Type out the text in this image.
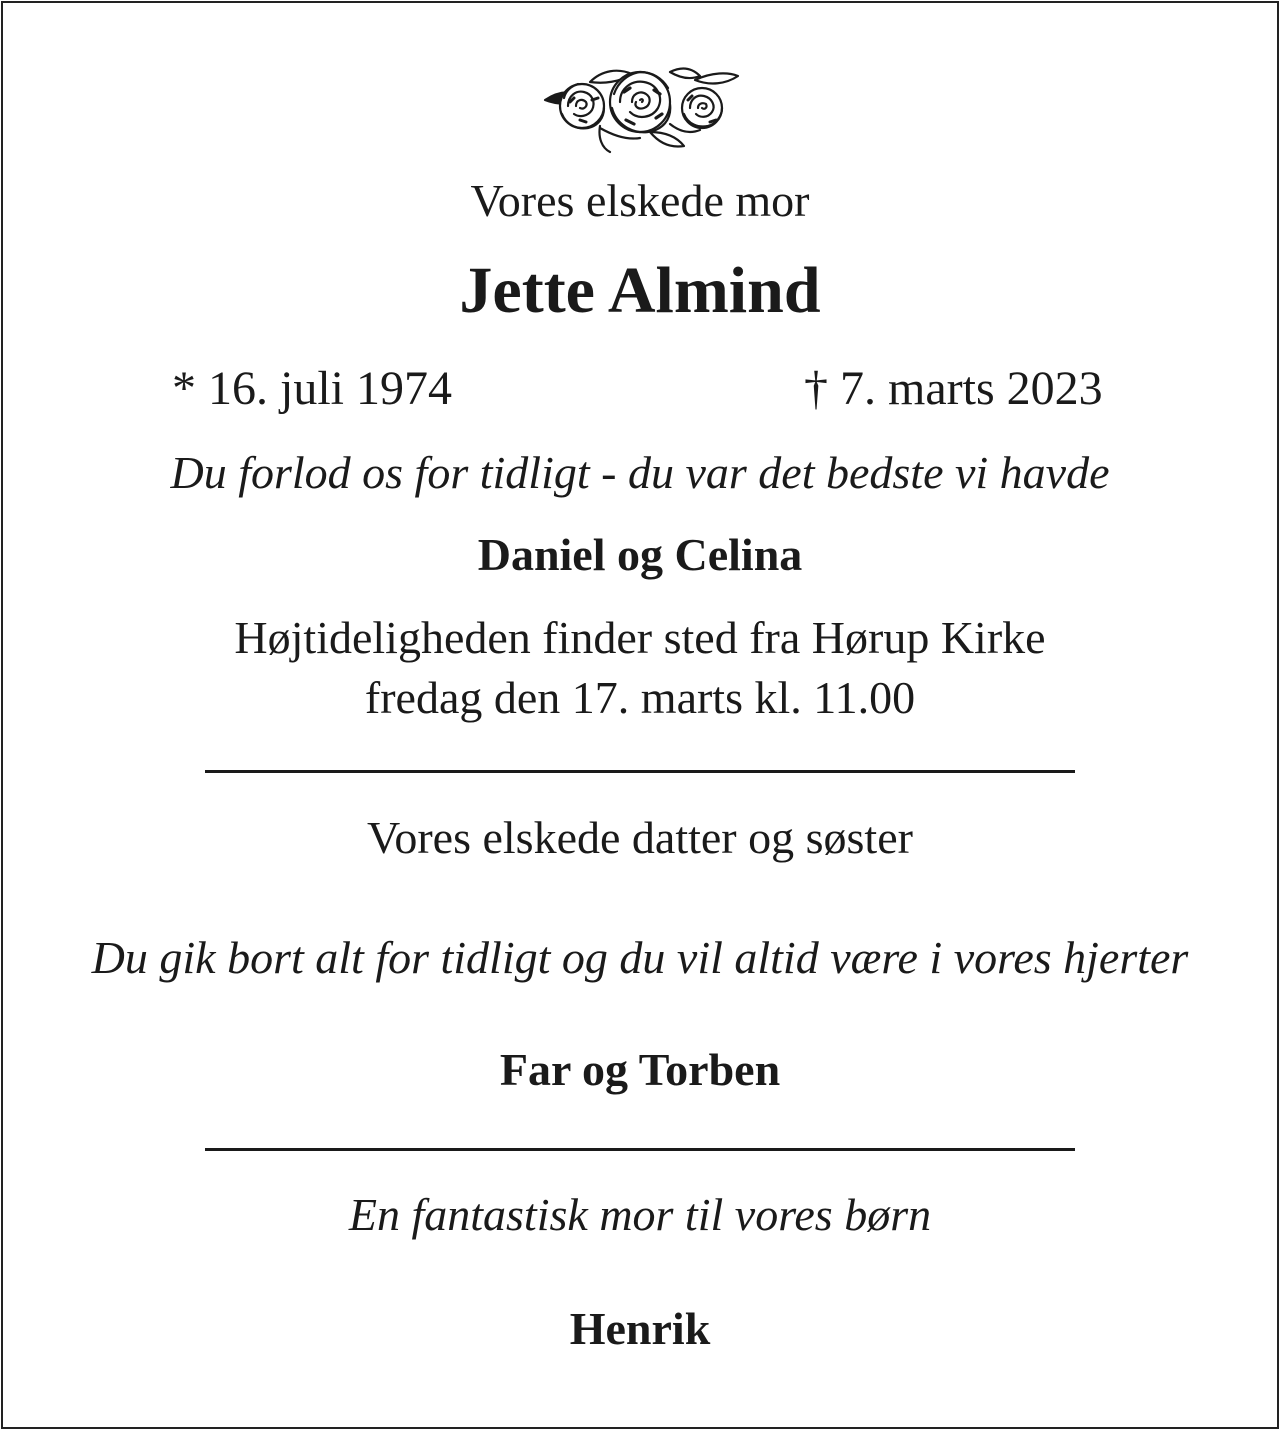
Vores elskede mor
Jette Almind
* 16. juli 1974	† 7. marts 2023
Du forlod os for tidligt - du var det bedste vi havde
Daniel og Celina
Højtideligheden finder sted fra Hørup Kirke
fredag den 17. marts kl. 11.00
Vores elskede datter og søster
Du gik bort alt for tidligt og du vil altid være i vores hjerter
Far og Torben
En fantastisk mor til vores børn
Henrik
